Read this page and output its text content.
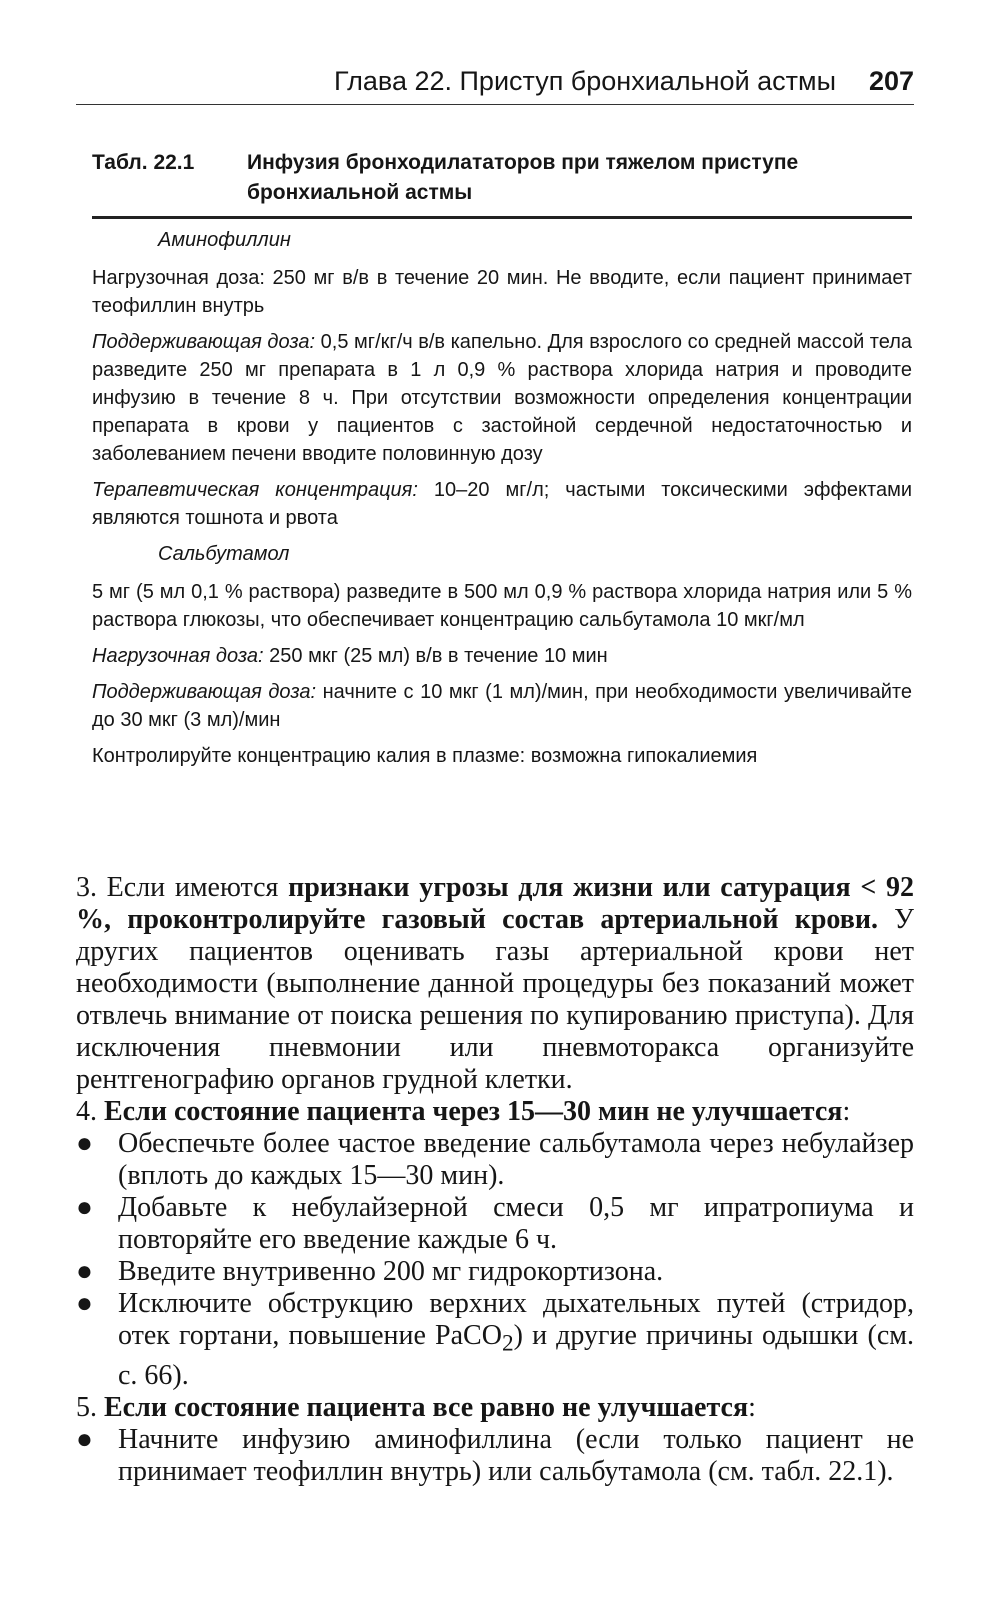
Глава 22. Приступ бронхиальной астмы 207
Табл. 22.1	Инфузия бронходилататоров при тяжелом приступе бронхиальной астмы
Аминофиллин

Нагрузочная доза: 250 мг в/в в течение 20 мин. Не вводите, если пациент принимает теофиллин внутрь

Поддерживающая доза: 0,5 мг/кг/ч в/в капельно. Для взрослого со средней массой тела разведите 250 мг препарата в 1 л 0,9 % раствора хлорида натрия и проводите инфузию в течение 8 ч. При отсутствии возможности определения концентрации препарата в крови у пациентов с застойной сердечной недостаточностью и заболеванием печени вводите половинную дозу

Терапевтическая концентрация: 10–20 мг/л; частыми токсическими эффектами являются тошнота и рвота

Сальбутамол

5 мг (5 мл 0,1 % раствора) разведите в 500 мл 0,9 % раствора хлорида натрия или 5 % раствора глюкозы, что обеспечивает концентрацию сальбутамола 10 мкг/мл

Нагрузочная доза: 250 мкг (25 мл) в/в в течение 10 мин

Поддерживающая доза: начните с 10 мкг (1 мл)/мин, при необходимости увеличивайте до 30 мкг (3 мл)/мин

Контролируйте концентрацию калия в плазме: возможна гипокалиемия

3. Если имеются признаки угрозы для жизни или сатурация < 92 %, проконтролируйте газовый состав артериальной крови. У других пациентов оценивать газы артериальной крови нет необходимости (выполнение данной процедуры без показаний может отвлечь внимание от поиска решения по купированию приступа). Для исключения пневмонии или пневмоторакса организуйте рентгенографию органов грудной клетки.

4. Если состояние пациента через 15—30 мин не улучшается:

● Обеспечьте более частое введение сальбутамола через небулайзер (вплоть до каждых 15—30 мин).

● Добавьте к небулайзерной смеси 0,5 мг ипратропиума и повторяйте его введение каждые 6 ч.

● Введите внутривенно 200 мг гидрокортизона.

● Исключите обструкцию верхних дыхательных путей (стридор, отек гортани, повышение PaCO$_2$) и другие причины одышки (см. с. 66).

5. Если состояние пациента все равно не улучшается:

● Начните инфузию аминофиллина (если только пациент не принимает теофиллин внутрь) или сальбутамола (см. табл. 22.1).
